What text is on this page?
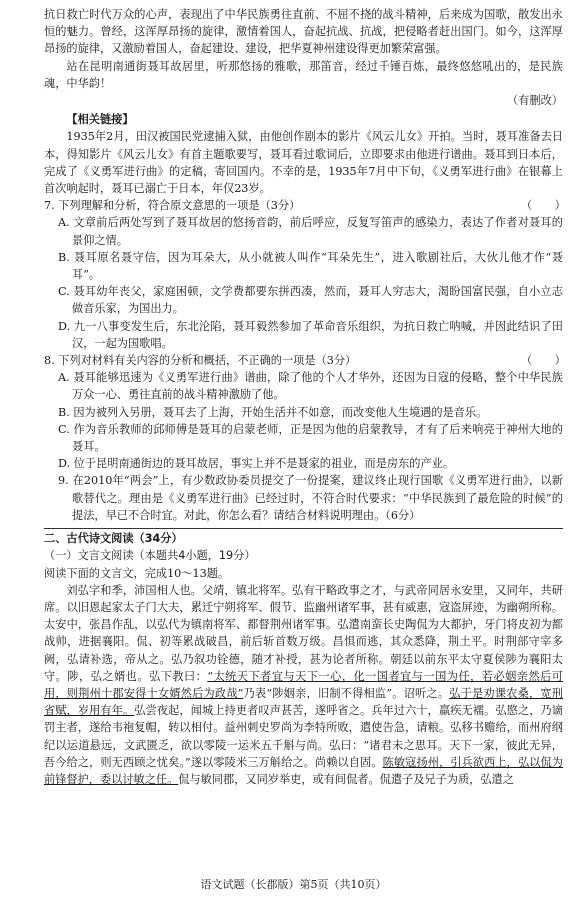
抗日救亡时代万众的心声，表现出了中华民族勇往直前、不屈不挠的战斗精神，后来成为国歌，散发出永恒的魅力。曾经，这浑厚昂扬的旋律，激情着国人，奋起抗战、抗战，把侵略者赶出国门。如今，这浑厚昂扬的旋律，又激励着国人，奋起建设、建设，把华夏神州建设得更加繁荣富强。

站在昆明南通街聂耳故居里，听那悠扬的雅歌，那笛音，经过千锤百炼，最终悠悠吼出的，是民族魂，中华韵！

（有删改）

【相关链接】

1935年2月，田汉被国民党逮捕入狱，由他创作剧本的影片《风云儿女》开拍。当时，聂耳准备去日本，得知影片《风云儿女》有首主题歌要写，聂耳看过歌词后，立即要求由他进行谱曲。聂耳到日本后，完成了《义勇军进行曲》的定稿，寄回国内。不幸的是，1935年7月中下旬，《义勇军进行曲》在银幕上首次响起时，聂耳已溺亡于日本，年仅23岁。

7. 下列理解和分析，符合原文意思的一项是（3分）	（　　）

A. 文章前后两处写到了聂耳故居的悠扬音韵，前后呼应，反复写笛声的感染力，表达了作者对聂耳的景仰之情。

B. 聂耳原名聂守信，因为耳朵大，从小就被人叫作“耳朵先生”，进入歌剧社后，大伙儿他才作“聂耳”。

C. 聂耳幼年丧父，家庭困顿，文学费都要东拼西凑，然而，聂耳人穷志大，渴盼国富民强，自小立志做音乐家，为国出力。

D. 九一八事变发生后，东北沦陷，聂耳毅然参加了革命音乐组织，为抗日救亡呐喊，并因此结识了田汉，一起为国歌唱。

8. 下列对材料有关内容的分析和概括，不正确的一项是（3分）	（　　）

A. 聂耳能够迅速为《义勇军进行曲》谱曲，除了他的个人才华外，还因为日寇的侵略，整个中华民族万众一心、勇往直前的战斗精神激励了他。

B. 因为被列入另册，聂耳去了上海，开始生活并不如意，而改变他人生境遇的是音乐。

C. 作为音乐教师的邱师傅是聂耳的启蒙老师，正是因为他的启蒙教导，才有了后来响亮于神州大地的聂耳。

D. 位于昆明南通街边的聂耳故居，事实上并不是聂家的祖业，而是房东的产业。

9. 在2010年“两会”上，有少数政协委员提交了一份提案，建议终止现行国歌《义勇军进行曲》，以新歌替代之。理由是《义勇军进行曲》已经过时，不符合时代要求：“中华民族到了最危险的时候”的提法，早已不合时宜。对此，你怎么看？请结合材料说明理由。（6分）

二、古代诗文阅读（34分）

（一）文言文阅读（本题共4小题，19分）

阅读下面的文言文，完成10～13题。

刘弘字和季，沛国相人也。父靖，镇北将军。弘有干略政事之才，与武帝同居永安里，又同年，共研席。以旧恩起家太子门大夫，累迁宁朔将军、假节、监幽州诸军事，甚有威惠，寇盗屏迹，为幽朔所称。太安中，张昌作乱，以弘代为镇南将军、都督荆州诸军事。弘遣南蛮长史陶侃为大都护，牙门将皮初为都战帅，进据襄阳。侃、初等累战破昌，前后斩首数万级。昌惧而逃，其众悉降，荆土平。时荆部守宰多阙，弘请补选，帝从之。弘乃叙功铨德，随才补授，甚为论者所称。朝廷以前东平太守夏侯陟为襄阳太守。陟，弘之婿也。弘下教曰：“太统天下者宜与天下一心，化一国者宜与一国为任，若必姻亲然后可用，则荆州十郡安得十女婿然后为政哉”乃表“陟姻亲，旧制不得相监”。诏听之。弘于是劝课农桑，宽刑省赋，岁用有年。弘尝夜起，闻城上持更者叹声甚苦，遂呼省之。兵年过六十，羸疾无襦。弘愍之，乃谪罚主者，遂给韦袍复帽，转以相付。益州刺史罗尚为李特所败，遣使告急，请粮。弘移书赡给，而州府纲纪以运道悬远，文武匮乏，欲以零陵一运米五千斛与尚。弘曰：“诸君未之思耳。天下一家，彼此无异，吾今给之，则无西顾之忧矣。”遂以零陵米三万斛给之。尚赖以自固。陈敏寇扬州，引兵欲西上，弘以侃为前锋督护，委以讨敏之任。侃与敏同郡，又同岁举吏，或有间侃者。侃遣子及兄子为质，弘遣之

语文试题（长郡版）第5页（共10页）
